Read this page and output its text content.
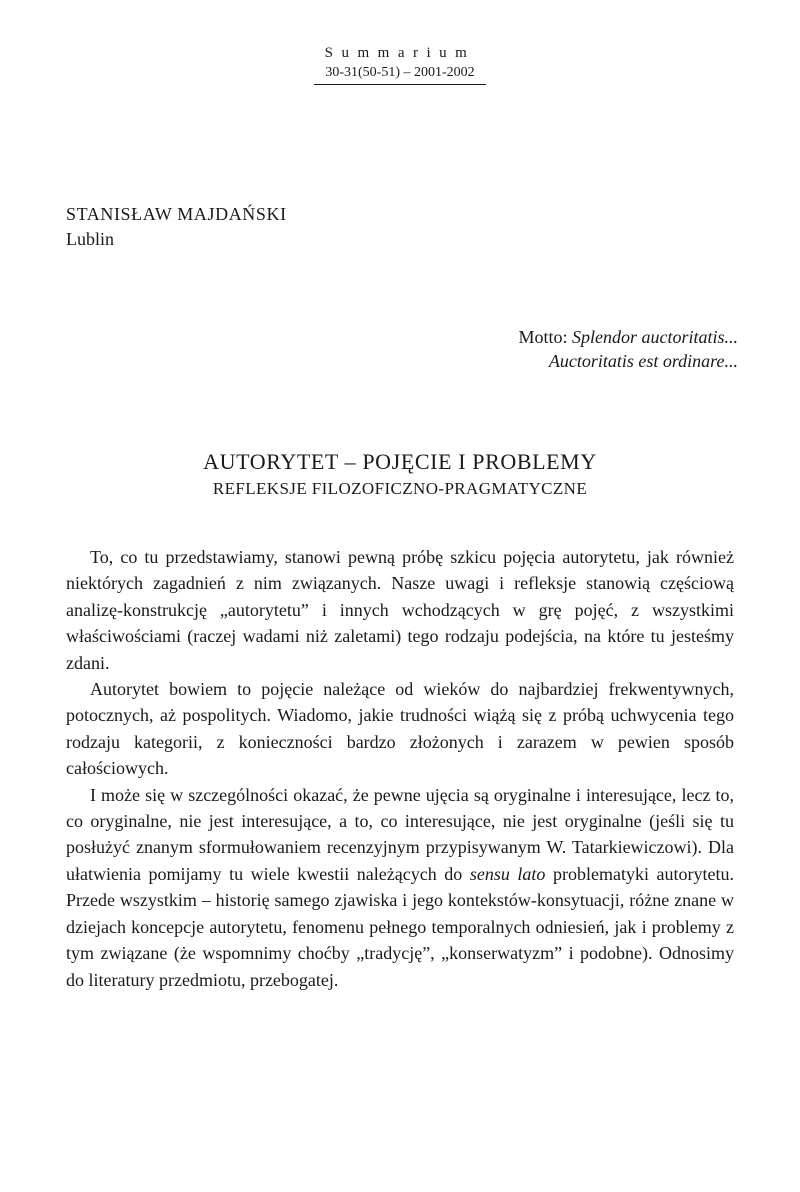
Summarium
30-31(50-51) – 2001-2002
STANISŁAW MAJDAŃSKI
Lublin
Motto: Splendor auctoritatis...
Auctoritatis est ordinare...
AUTORYTET – POJĘCIE I PROBLEMY
REFLEKSJE FILOZOFICZNO-PRAGMATYCZNE

To, co tu przedstawiamy, stanowi pewną próbę szkicu pojęcia autorytetu, jak również niektórych zagadnień z nim związanych. Nasze uwagi i refleksje stanowią częściową analizę-konstrukcję „autorytetu” i innych wchodzących w grę pojęć, z wszystkimi właściwościami (raczej wadami niż zaletami) tego rodzaju podejścia, na które tu jesteśmy zdani.

Autorytet bowiem to pojęcie należące od wieków do najbardziej frekwentywnych, potocznych, aż pospolitych. Wiadomo, jakie trudności wiążą się z próbą uchwycenia tego rodzaju kategorii, z konieczności bardzo złożonych i zarazem w pewien sposób całościowych.

I może się w szczególności okazać, że pewne ujęcia są oryginalne i interesujące, lecz to, co oryginalne, nie jest interesujące, a to, co interesujące, nie jest oryginalne (jeśli się tu posłużyć znanym sformułowaniem recenzyjnym przypisywanym W. Tatarkiewiczowi). Dla ułatwienia pomijamy tu wiele kwestii należących do sensu lato problematyki autorytetu. Przede wszystkim – historię samego zjawiska i jego kontekstów-konsytuacji, różne znane w dziejach koncepcje autorytetu, fenomenu pełnego temporalnych odniesień, jak i problemy z tym związane (że wspomnimy choćby „tradycję”, „konserwatyzm” i podobne). Odnosimy do literatury przedmiotu, przebogatej.
